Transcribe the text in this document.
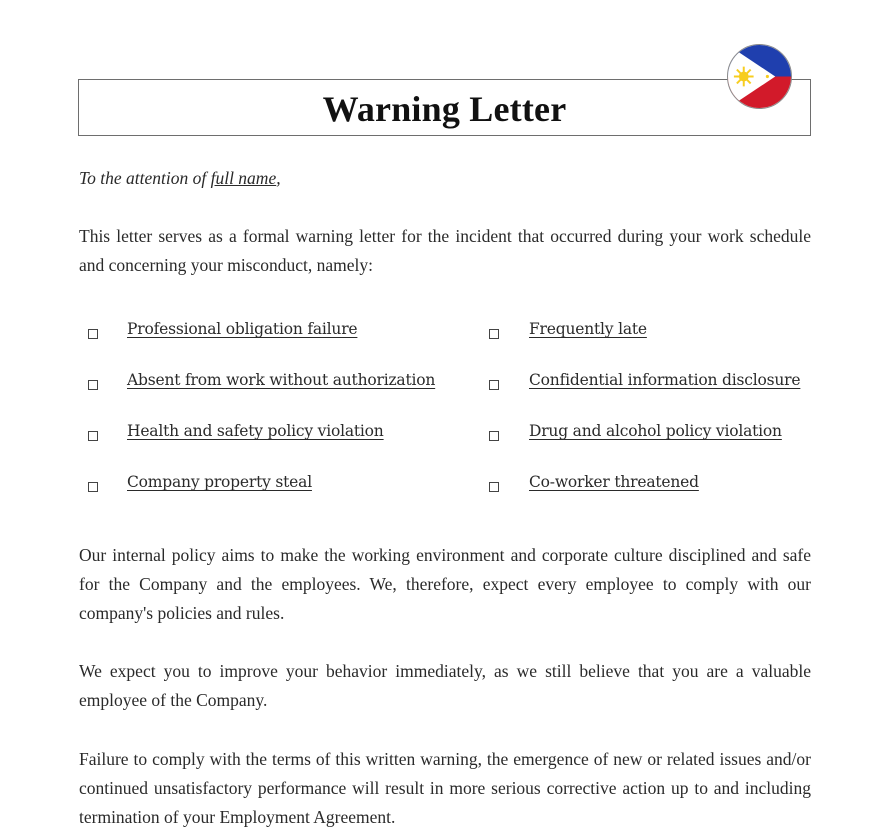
Warning Letter
To the attention of full name,
This letter serves as a formal warning letter for the incident that occurred during your work schedule and concerning your misconduct, namely:
Professional obligation failure
Absent from work without authorization
Health and safety policy violation
Company property steal
Frequently late
Confidential information disclosure
Drug and alcohol policy violation
Co-worker threatened
Our internal policy aims to make the working environment and corporate culture disciplined and safe for the Company and the employees. We, therefore, expect every employee to comply with our company's policies and rules.
We expect you to improve your behavior immediately, as we still believe that you are a valuable employee of the Company.
Failure to comply with the terms of this written warning, the emergence of new or related issues and/or continued unsatisfactory performance will result in more serious corrective action up to and including termination of your Employment Agreement.
